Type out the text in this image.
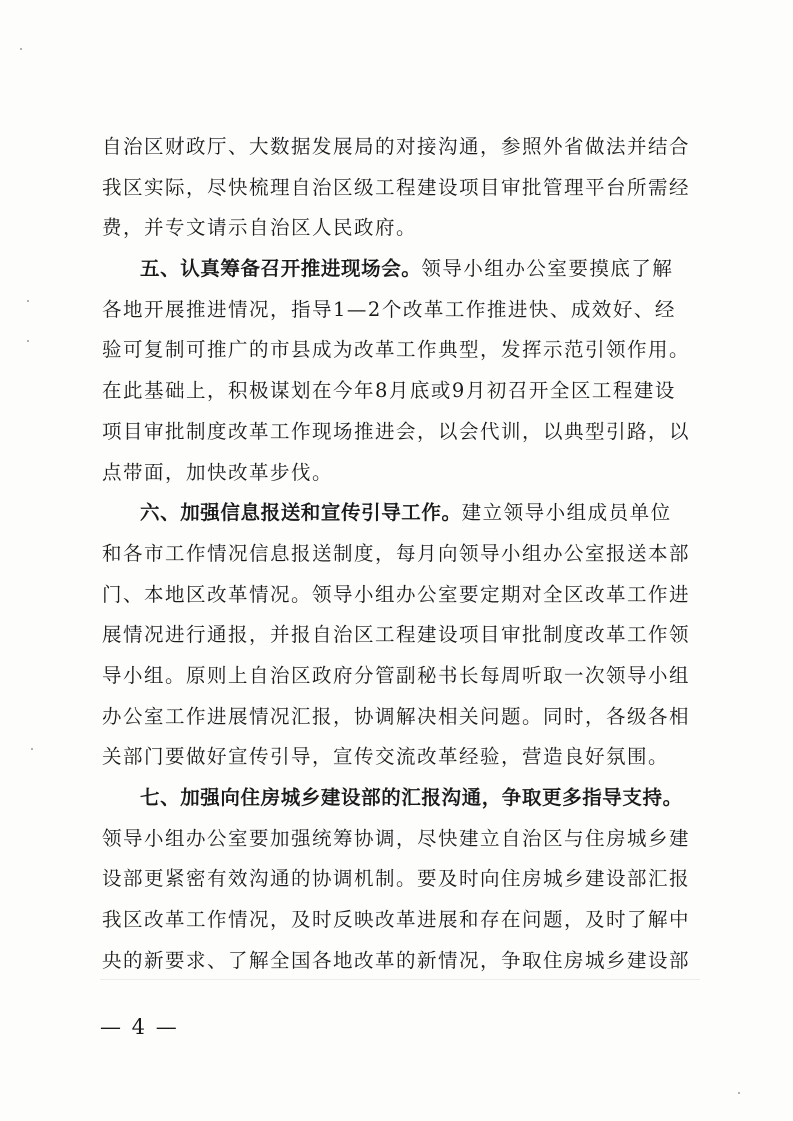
自治区财政厅、大数据发展局的对接沟通，参照外省做法并结合
我区实际，尽快梳理自治区级工程建设项目审批管理平台所需经
费，并专文请示自治区人民政府。
五、认真筹备召开推进现场会。领导小组办公室要摸底了解
各地开展推进情况，指导1—2个改革工作推进快、成效好、经
验可复制可推广的市县成为改革工作典型，发挥示范引领作用。
在此基础上，积极谋划在今年8月底或9月初召开全区工程建设
项目审批制度改革工作现场推进会，以会代训，以典型引路，以
点带面，加快改革步伐。
六、加强信息报送和宣传引导工作。建立领导小组成员单位
和各市工作情况信息报送制度，每月向领导小组办公室报送本部
门、本地区改革情况。领导小组办公室要定期对全区改革工作进
展情况进行通报，并报自治区工程建设项目审批制度改革工作领
导小组。原则上自治区政府分管副秘书长每周听取一次领导小组
办公室工作进展情况汇报，协调解决相关问题。同时，各级各相
关部门要做好宣传引导，宣传交流改革经验，营造良好氛围。
七、加强向住房城乡建设部的汇报沟通，争取更多指导支持。
领导小组办公室要加强统筹协调，尽快建立自治区与住房城乡建
设部更紧密有效沟通的协调机制。要及时向住房城乡建设部汇报
我区改革工作情况，及时反映改革进展和存在问题，及时了解中
央的新要求、了解全国各地改革的新情况，争取住房城乡建设部
— 4 —
